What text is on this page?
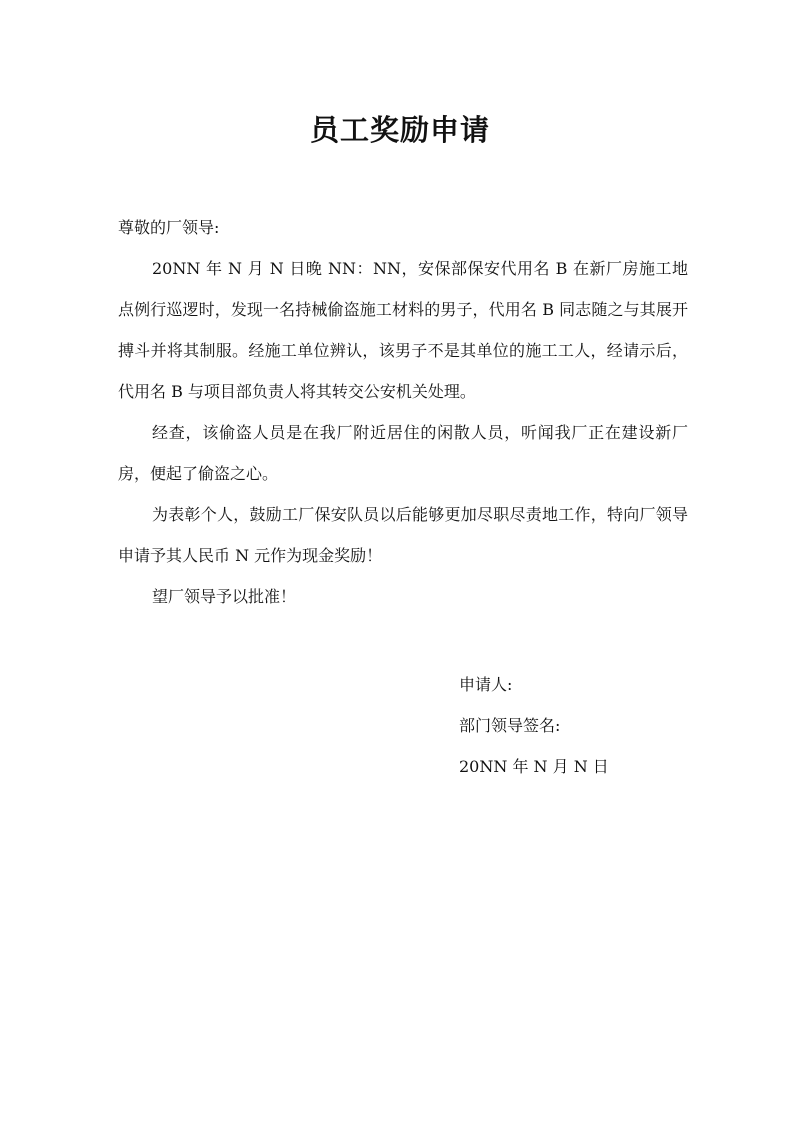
员工奖励申请

尊敬的厂领导:

20NN 年 N 月 N 日晚 NN：NN，安保部保安代用名 B 在新厂房施工地点例行巡逻时，发现一名持械偷盗施工材料的男子，代用名 B 同志随之与其展开搏斗并将其制服。经施工单位辨认，该男子不是其单位的施工工人，经请示后，代用名 B 与项目部负责人将其转交公安机关处理。

经查，该偷盗人员是在我厂附近居住的闲散人员，听闻我厂正在建设新厂房，便起了偷盗之心。

为表彰个人，鼓励工厂保安队员以后能够更加尽职尽责地工作，特向厂领导申请予其人民币 N 元作为现金奖励！

望厂领导予以批准！

申请人:

部门领导签名:

20NN 年 N 月 N 日
